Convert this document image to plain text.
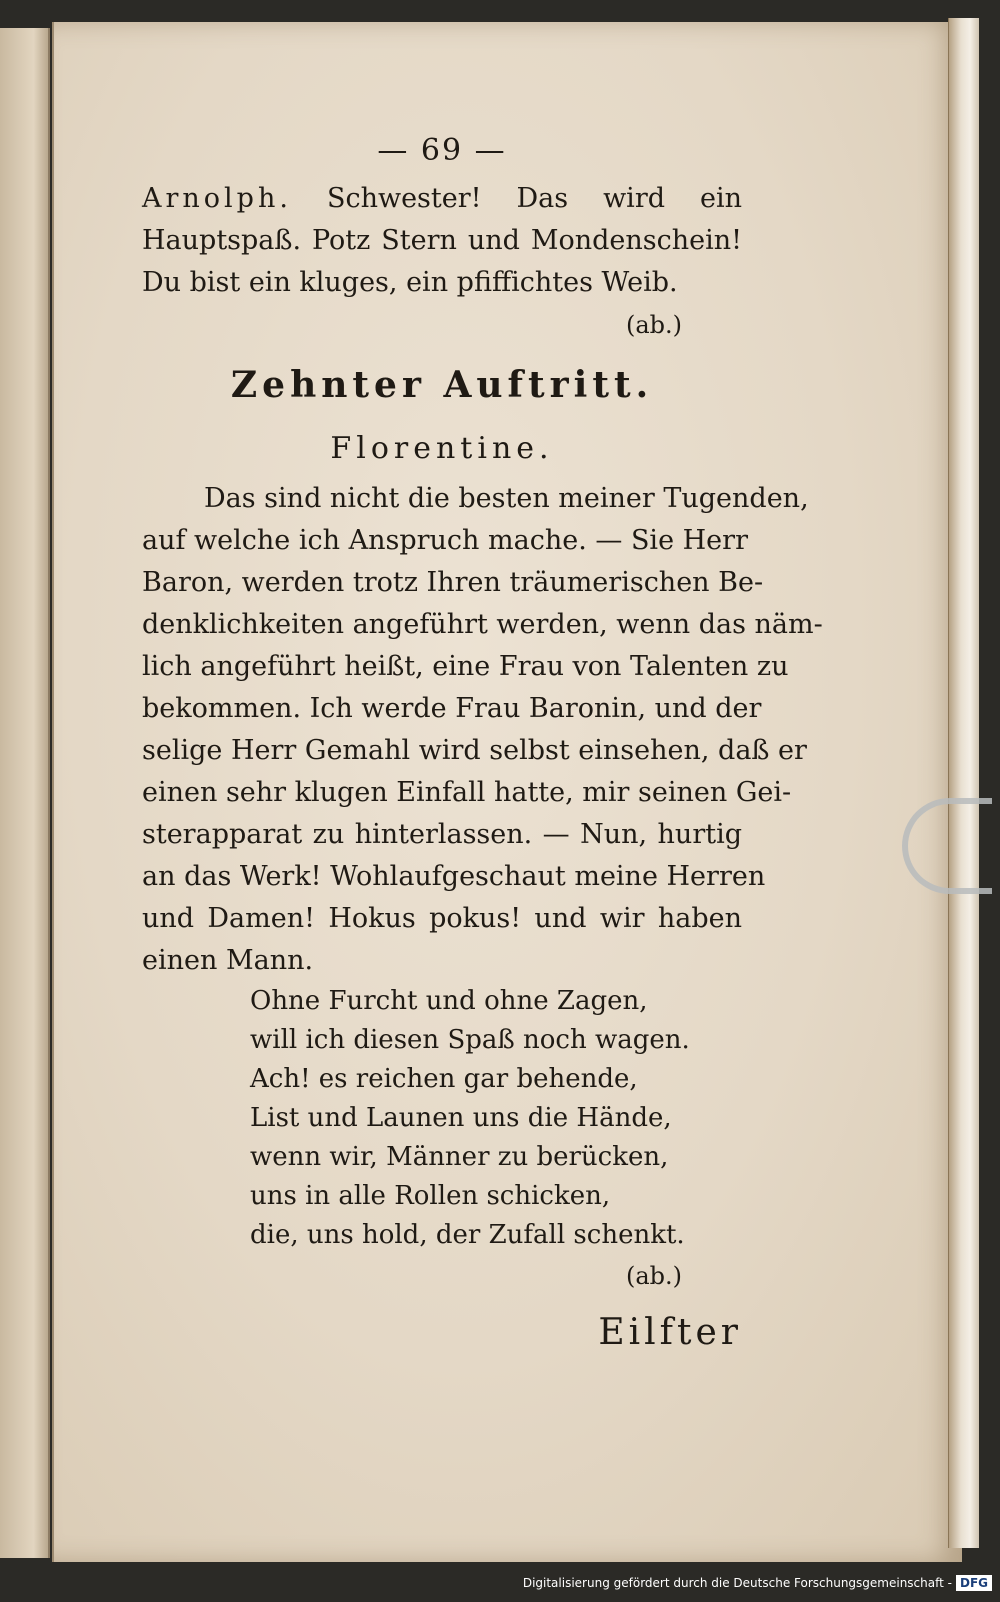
— 69 —
Arnolph. Schwester! Das wird ein
Hauptspaß. Potz Stern und Mondenschein!
Du bist ein kluges, ein pfiffichtes Weib.
(ab.)
Zehnter Auftritt.
Florentine.
Das sind nicht die besten meiner Tugenden,
auf welche ich Anspruch mache. — Sie Herr
Baron, werden trotz Ihren träumerischen Be-
denklichkeiten angeführt werden, wenn das näm-
lich angeführt heißt, eine Frau von Talenten zu
bekommen. Ich werde Frau Baronin, und der
selige Herr Gemahl wird selbst einsehen, daß er
einen sehr klugen Einfall hatte, mir seinen Gei-
sterapparat zu hinterlassen. — Nun, hurtig
an das Werk! Wohlaufgeschaut meine Herren
und Damen! Hokus pokus! und wir haben
einen Mann.
Ohne Furcht und ohne Zagen,
will ich diesen Spaß noch wagen.
Ach! es reichen gar behende,
List und Launen uns die Hände,
wenn wir, Männer zu berücken,
uns in alle Rollen schicken,
die, uns hold, der Zufall schenkt.
(ab.)
Eilfter
Digitalisierung gefördert durch die Deutsche Forschungsgemeinschaft - DFG
